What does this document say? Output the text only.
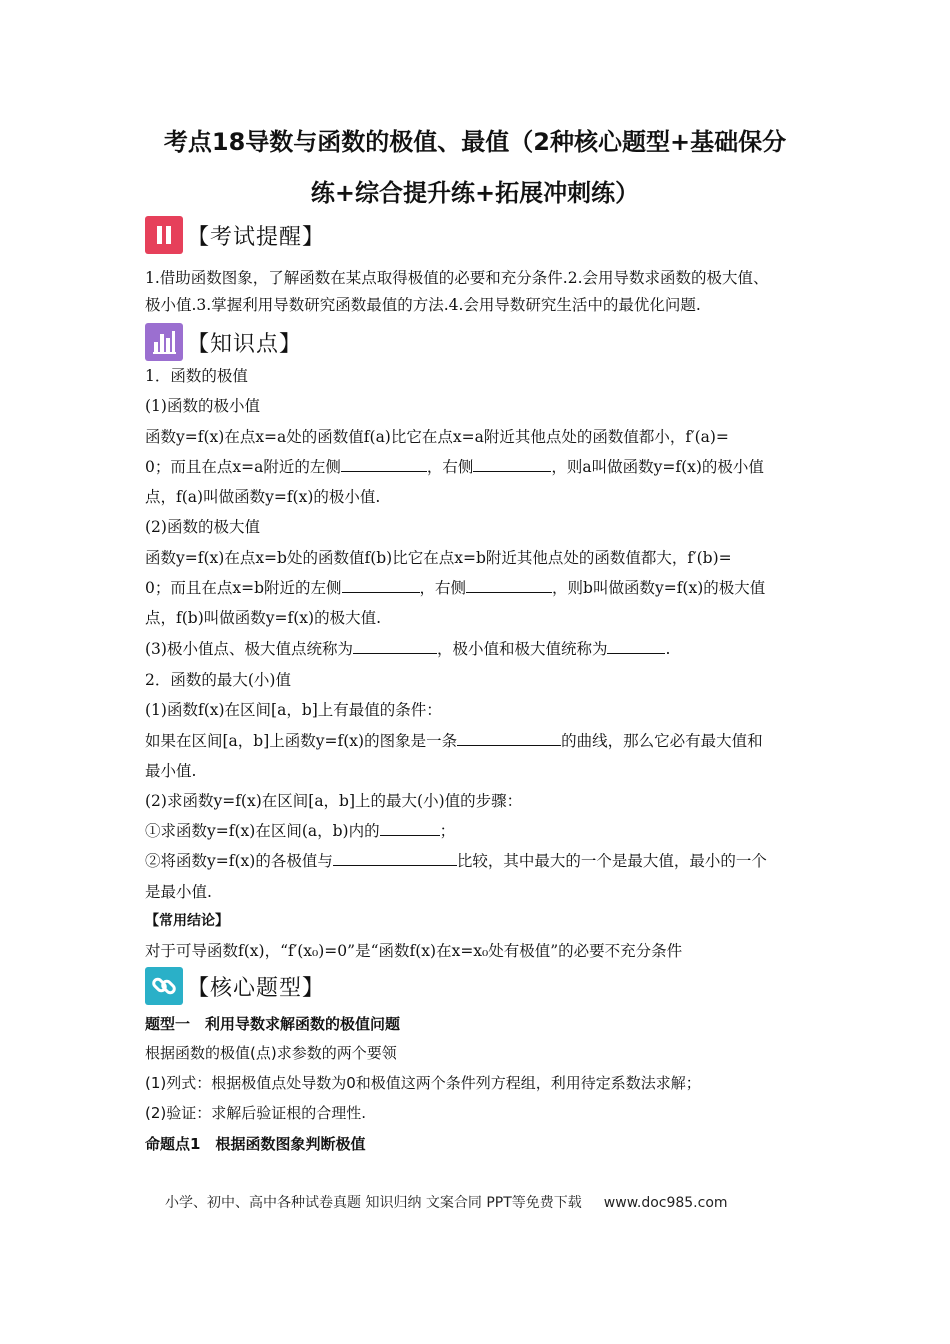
考点18导数与函数的极值、最值（2种核心题型+基础保分
练+综合提升练+拓展冲刺练）
【考试提醒】
1.借助函数图象，了解函数在某点取得极值的必要和充分条件.2.会用导数求函数的极大值、
极小值.3.掌握利用导数研究函数最值的方法.4.会用导数研究生活中的最优化问题.
【知识点】
1．函数的极值
(1)函数的极小值
函数y=f(x)在点x=a处的函数值f(a)比它在点x=a附近其他点处的函数值都小，f′(a)=
0；而且在点x=a附近的左侧	，右侧	，则a叫做函数y=f(x)的极小值
点，f(a)叫做函数y=f(x)的极小值.
(2)函数的极大值
函数y=f(x)在点x=b处的函数值f(b)比它在点x=b附近其他点处的函数值都大，f′(b)=
0；而且在点x=b附近的左侧	，右侧	，则b叫做函数y=f(x)的极大值
点，f(b)叫做函数y=f(x)的极大值.
(3)极小值点、极大值点统称为	，极小值和极大值统称为	.
2．函数的最大(小)值
(1)函数f(x)在区间[a，b]上有最值的条件：
如果在区间[a，b]上函数y=f(x)的图象是一条	的曲线，那么它必有最大值和
最小值.
(2)求函数y=f(x)在区间[a，b]上的最大(小)值的步骤：
①求函数y=f(x)在区间(a，b)内的	；
②将函数y=f(x)的各极值与	比较，其中最大的一个是最大值，最小的一个
是最小值.
【常用结论】
对于可导函数f(x)，“f′(x₀)=0”是“函数f(x)在x=x₀处有极值”的必要不充分条件
【核心题型】
题型一　利用导数求解函数的极值问题
根据函数的极值(点)求参数的两个要领
(1)列式：根据极值点处导数为0和极值这两个条件列方程组，利用待定系数法求解；
(2)验证：求解后验证根的合理性.
命题点1　根据函数图象判断极值
小学、初中、高中各种试卷真题 知识归纳 文案合同 PPT等免费下载 www.doc985.com
